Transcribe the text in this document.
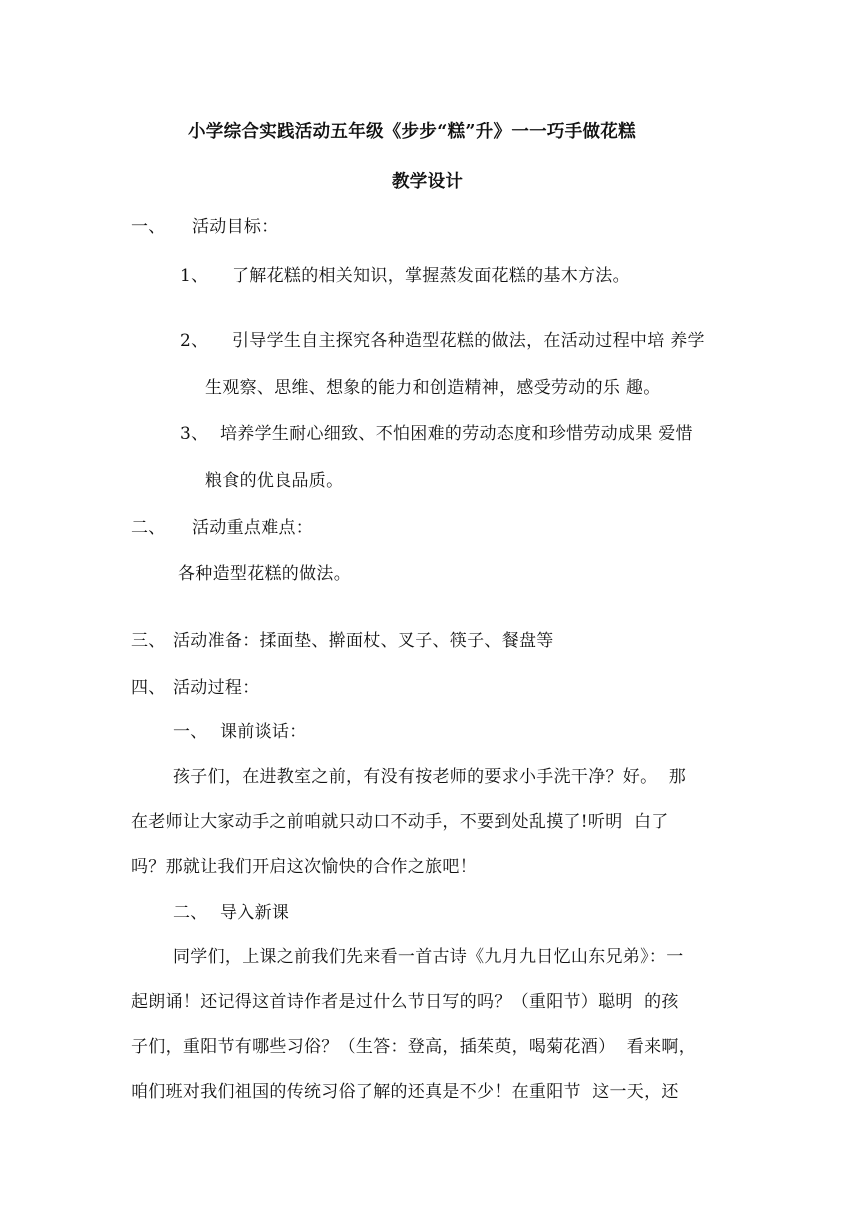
小学综合实践活动五年级《步步“糕”升》一一巧手做花糕
教学设计
一、 活动目标：
1、 了解花糕的相关知识，掌握蒸发面花糕的基木方法。
2、 引导学生自主探究各种造型花糕的做法，在活动过程中培 养学
生观察、思维、想象的能力和创造精神，感受劳动的乐 趣。
3、 培养学生耐心细致、不怕困难的劳动态度和珍惜劳动成果 爱惜
粮食的优良品质。
二、 活动重点难点：
各种造型花糕的做法。
三、 活动准备：揉面垫、擀面杖、叉子、筷子、餐盘等
四、 活动过程：
一、 课前谈话：
孩子们，在进教室之前，有没有按老师的要求小手洗干净？好。  那
在老师让大家动手之前咱就只动口不动手，不要到处乱摸了!听明  白了
吗？那就让我们开启这次愉快的合作之旅吧！
二、 导入新课
同学们，上课之前我们先来看一首古诗《九月九日忆山东兄弟》：一
起朗诵！还记得这首诗作者是过什么节日写的吗？（重阳节）聪明  的孩
子们，重阳节有哪些习俗？（生答：登高，插茱萸，喝菊花酒）  看来啊，
咱们班对我们祖国的传统习俗了解的还真是不少！在重阳节  这一天，还
